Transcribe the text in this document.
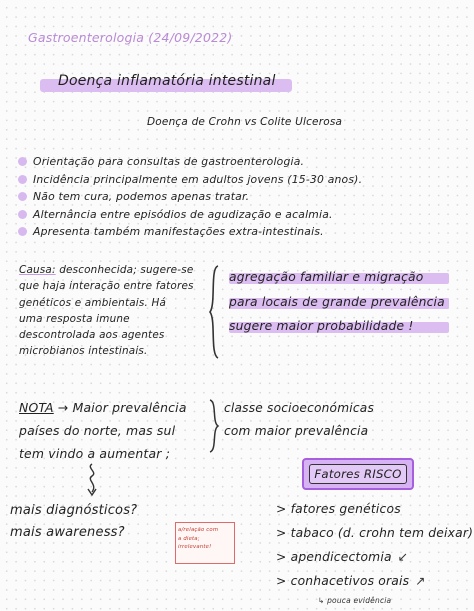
Gastroenterologia (24/09/2022)
Doença inflamatória intestinal
Doença de Crohn vs Colite Ulcerosa
Orientação para consultas de gastroenterologia.
Incidência principalmente em adultos jovens (15-30 anos).
Não tem cura, podemos apenas tratar.
Alternância entre episódios de agudização e acalmia.
Apresenta também manifestações extra-intestinais.
Causa: desconhecida; sugere-se
que haja interação entre fatores
genéticos e ambientais. Há
uma resposta imune
descontrolada aos agentes
microbianos intestinais.
agregação familiar e migração
para locais de grande prevalência
sugere maior probabilidade !
NOTA → Maior prevalência
países do norte, mas sul
tem vindo a aumentar ;
classe socioeconómicas
com maior prevalência
mais diagnósticos?
mais awareness?	a/relação com
a dieta;
irrelevante!
Fatores RISCO
> fatores genéticos
> tabaco (d. crohn tem deixar)
> apendicectomia ↙
> conhacetivos orais ↗
↳ pouca evidência
